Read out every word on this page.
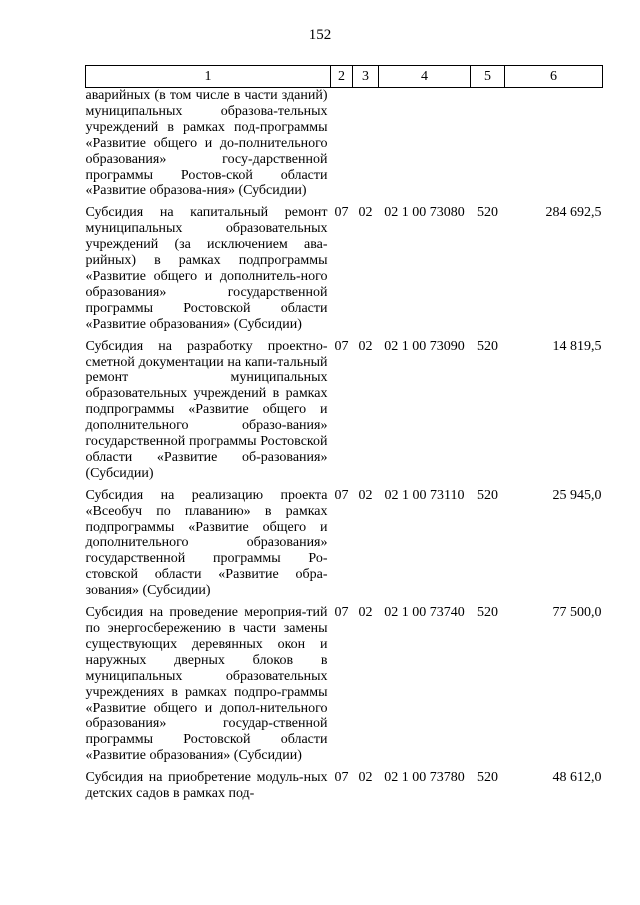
152
1	2	3	4	5	6
аварийных (в том числе в части зданий) муниципальных образова-тельных учреждений в рамках под-программы «Развитие общего и до-полнительного образования» госу-дарственной программы Ростов-ской области «Развитие образова-ния» (Субсидии)					
Субсидия на капитальный ремонт муниципальных образовательных учреждений (за исключением ава-рийных) в рамках подпрограммы «Развитие общего и дополнитель-ного образования» государственной программы Ростовской области «Развитие образования» (Субсидии)	07	02	02 1 00 73080	520	284 692,5
Субсидия на разработку проектно-сметной документации на капи-тальный ремонт муниципальных образовательных учреждений в рамках подпрограммы «Развитие общего и дополнительного образо-вания» государственной программы Ростовской области «Развитие об-разования» (Субсидии)	07	02	02 1 00 73090	520	14 819,5
Субсидия на реализацию проекта «Всеобуч по плаванию» в рамках подпрограммы «Развитие общего и дополнительного образования» государственной программы Ро-стовской области «Развитие обра-зования» (Субсидии)	07	02	02 1 00 73110	520	25 945,0
Субсидия на проведение мероприя-тий по энергосбережению в части замены существующих деревянных окон и наружных дверных блоков в муниципальных образовательных учреждениях в рамках подпро-граммы «Развитие общего и допол-нительного образования» государ-ственной программы Ростовской области «Развитие образования» (Субсидии)	07	02	02 1 00 73740	520	77 500,0
Субсидия на приобретение модуль-ных детских садов в рамках под-	07	02	02 1 00 73780	520	48 612,0
